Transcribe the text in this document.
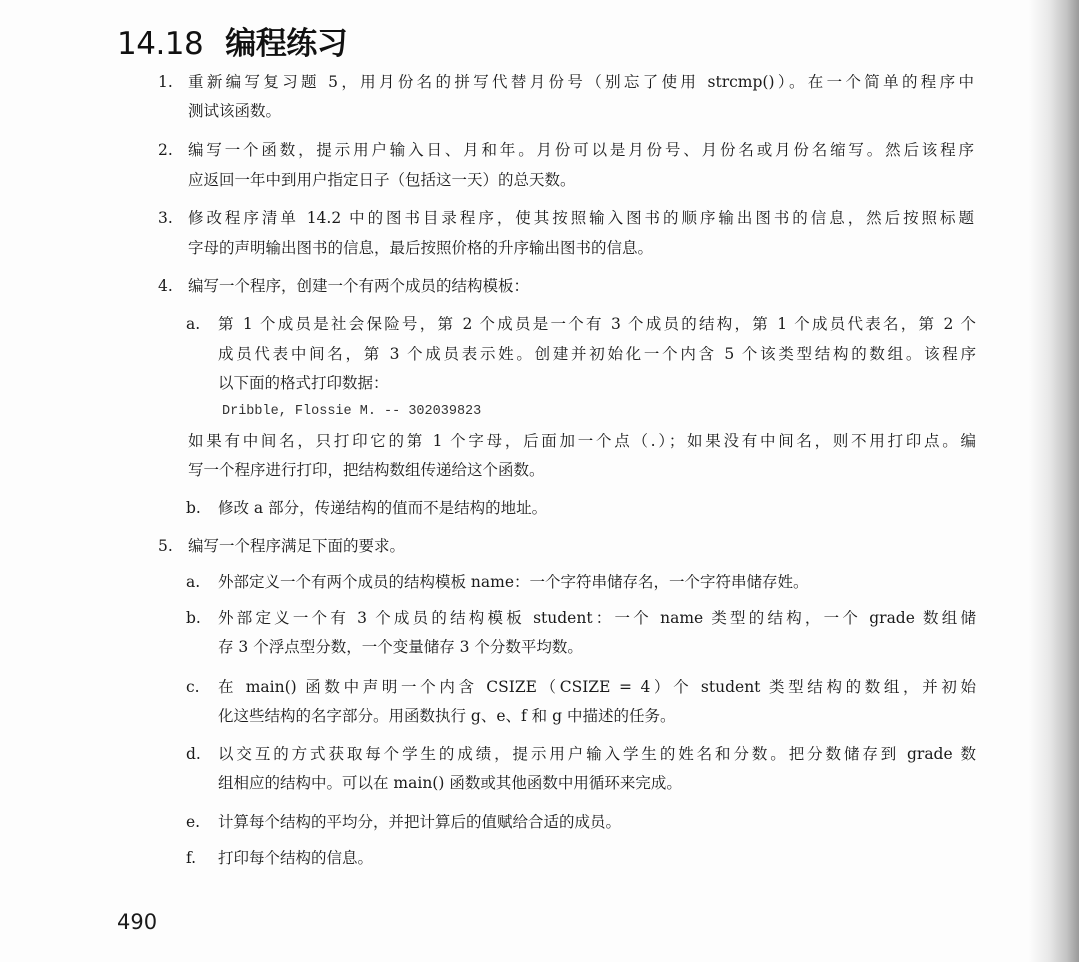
14.18 编程练习
1. 重新编写复习题 5，用月份名的拼写代替月份号（别忘了使用 strcmp()）。在一个简单的程序中
测试该函数。
2. 编写一个函数，提示用户输入日、月和年。月份可以是月份号、月份名或月份名缩写。然后该程序
应返回一年中到用户指定日子（包括这一天）的总天数。
3. 修改程序清单 14.2 中的图书目录程序，使其按照输入图书的顺序输出图书的信息，然后按照标题
字母的声明输出图书的信息，最后按照价格的升序输出图书的信息。
4. 编写一个程序，创建一个有两个成员的结构模板：
a. 第 1 个成员是社会保险号，第 2 个成员是一个有 3 个成员的结构，第 1 个成员代表名，第 2 个
成员代表中间名，第 3 个成员表示姓。创建并初始化一个内含 5 个该类型结构的数组。该程序
以下面的格式打印数据：
Dribble, Flossie M. -- 302039823
如果有中间名，只打印它的第 1 个字母，后面加一个点（.）；如果没有中间名，则不用打印点。编
写一个程序进行打印，把结构数组传递给这个函数。
b. 修改 a 部分，传递结构的值而不是结构的地址。
5. 编写一个程序满足下面的要求。
a. 外部定义一个有两个成员的结构模板 name：一个字符串储存名，一个字符串储存姓。
b. 外部定义一个有 3 个成员的结构模板 student：一个 name 类型的结构，一个 grade 数组储
存 3 个浮点型分数，一个变量储存 3 个分数平均数。
c. 在 main() 函数中声明一个内含 CSIZE（CSIZE = 4）个 student 类型结构的数组，并初始
化这些结构的名字部分。用函数执行 g、e、f 和 g 中描述的任务。
d. 以交互的方式获取每个学生的成绩，提示用户输入学生的姓名和分数。把分数储存到 grade 数
组相应的结构中。可以在 main() 函数或其他函数中用循环来完成。
e. 计算每个结构的平均分，并把计算后的值赋给合适的成员。
f. 打印每个结构的信息。
490
